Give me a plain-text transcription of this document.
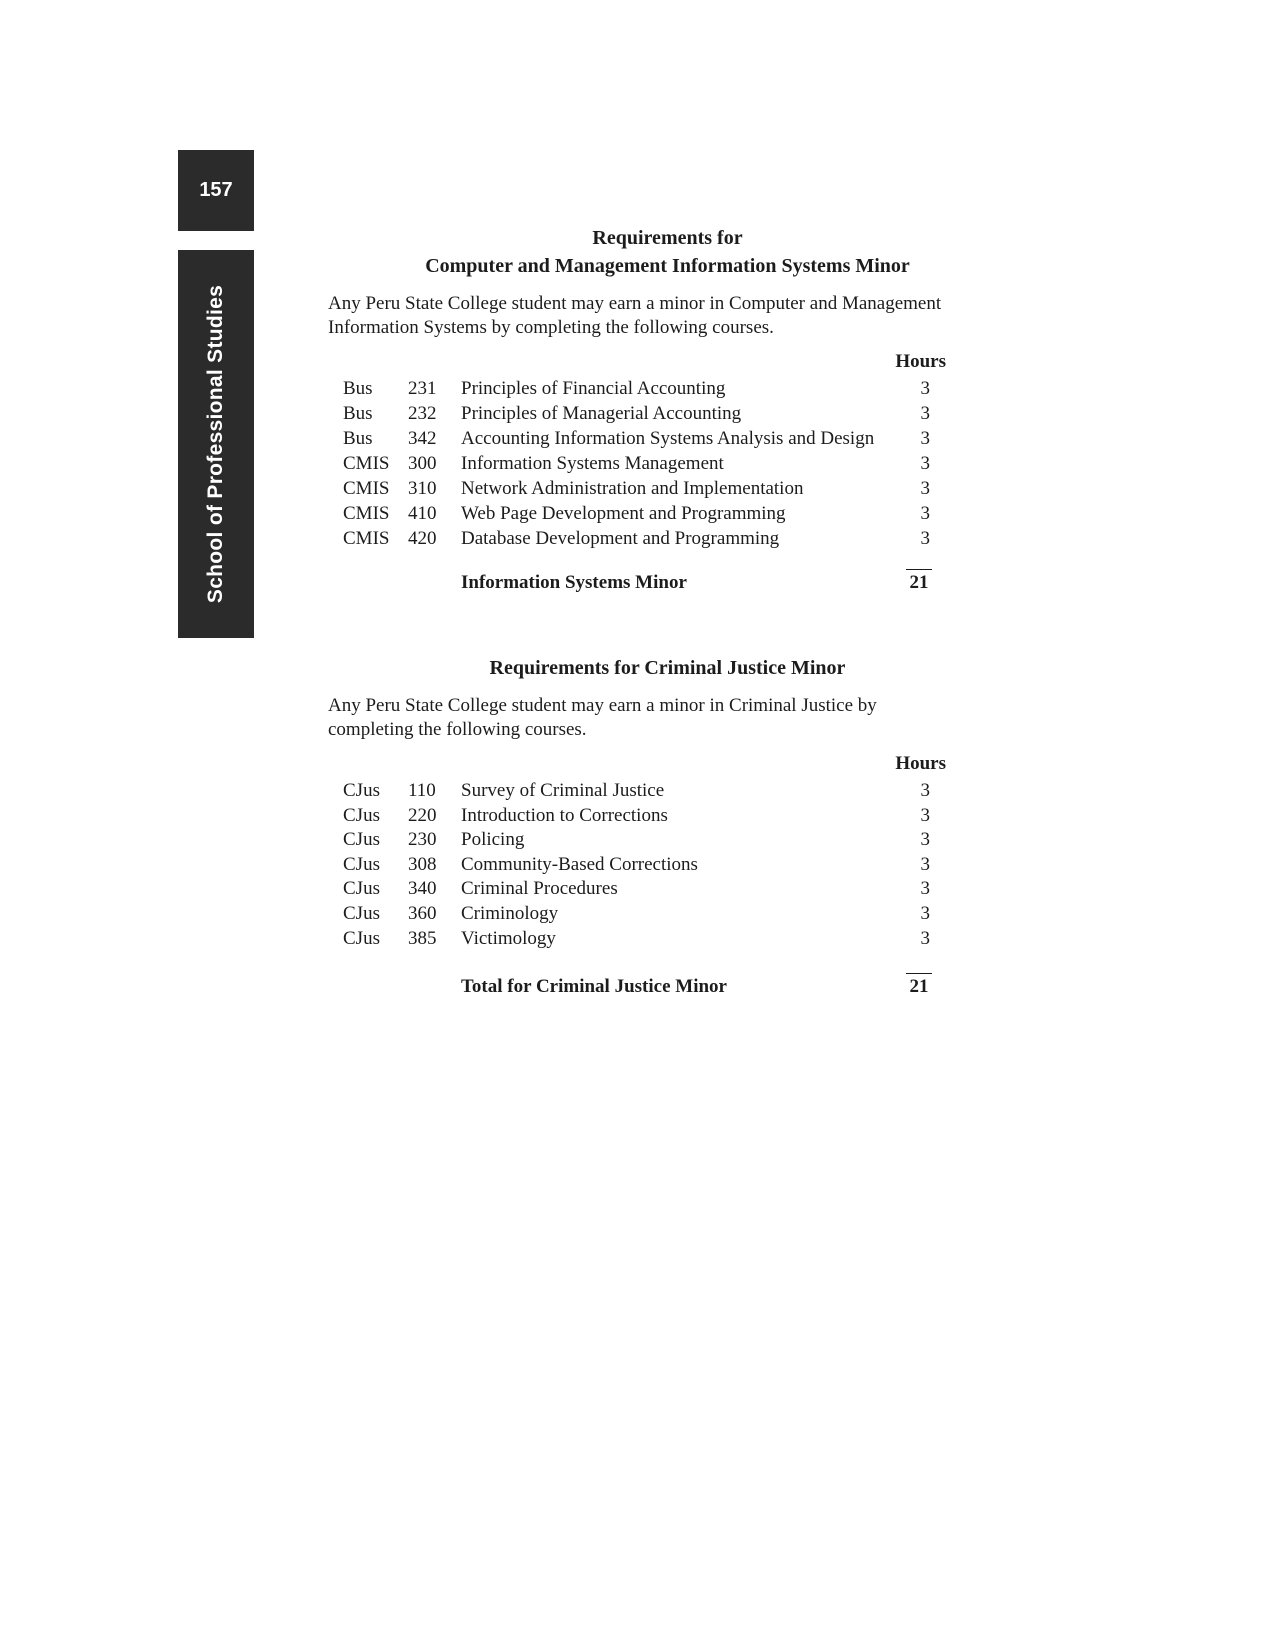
157
School of Professional Studies
Requirements for
Computer and Management Information Systems Minor

Any Peru State College student may earn a minor in Computer and Management Information Systems by completing the following courses.

Hours
Bus 231 Principles of Financial Accounting	3
Bus 232 Principles of Managerial Accounting	3
Bus 342 Accounting Information Systems Analysis and Design	3
CMIS 300 Information Systems Management	3
CMIS 310 Network Administration and Implementation	3
CMIS 410 Web Page Development and Programming	3
CMIS 420 Database Development and Programming	3
Information Systems Minor	21
Requirements for Criminal Justice Minor

Any Peru State College student may earn a minor in Criminal Justice by completing the following courses.

Hours
CJus 110 Survey of Criminal Justice	3
CJus 220 Introduction to Corrections	3
CJus 230 Policing	3
CJus 308 Community-Based Corrections	3
CJus 340 Criminal Procedures	3
CJus 360 Criminology	3
CJus 385 Victimology	3
Total for Criminal Justice Minor	21
